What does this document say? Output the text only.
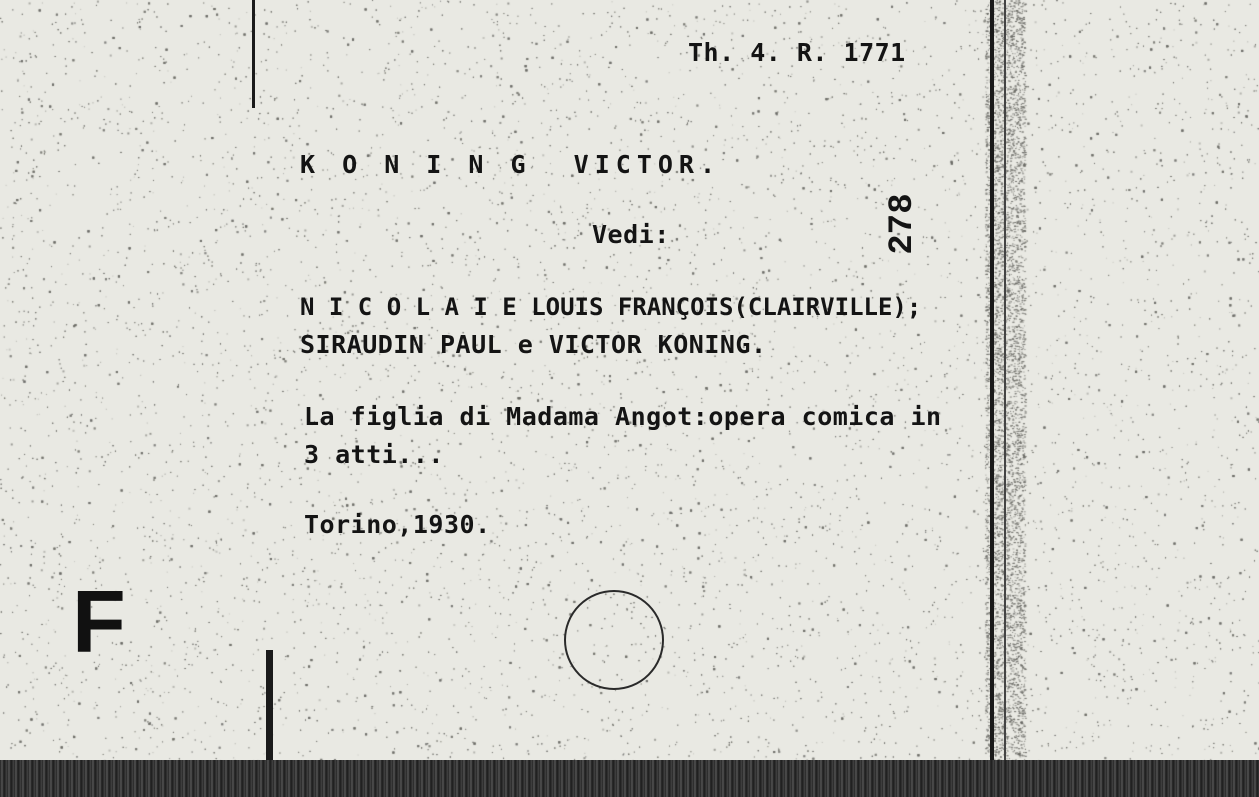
Th. 4. R. 1771
K O N I N G  VICTOR.
Vedi:	278
N I C O L A I E LOUIS FRANÇOIS(CLAIRVILLE);
SIRAUDIN PAUL e VICTOR KONING.
La figlia di Madama Angot:opera comica in
3 atti...
Torino,1930.
F
